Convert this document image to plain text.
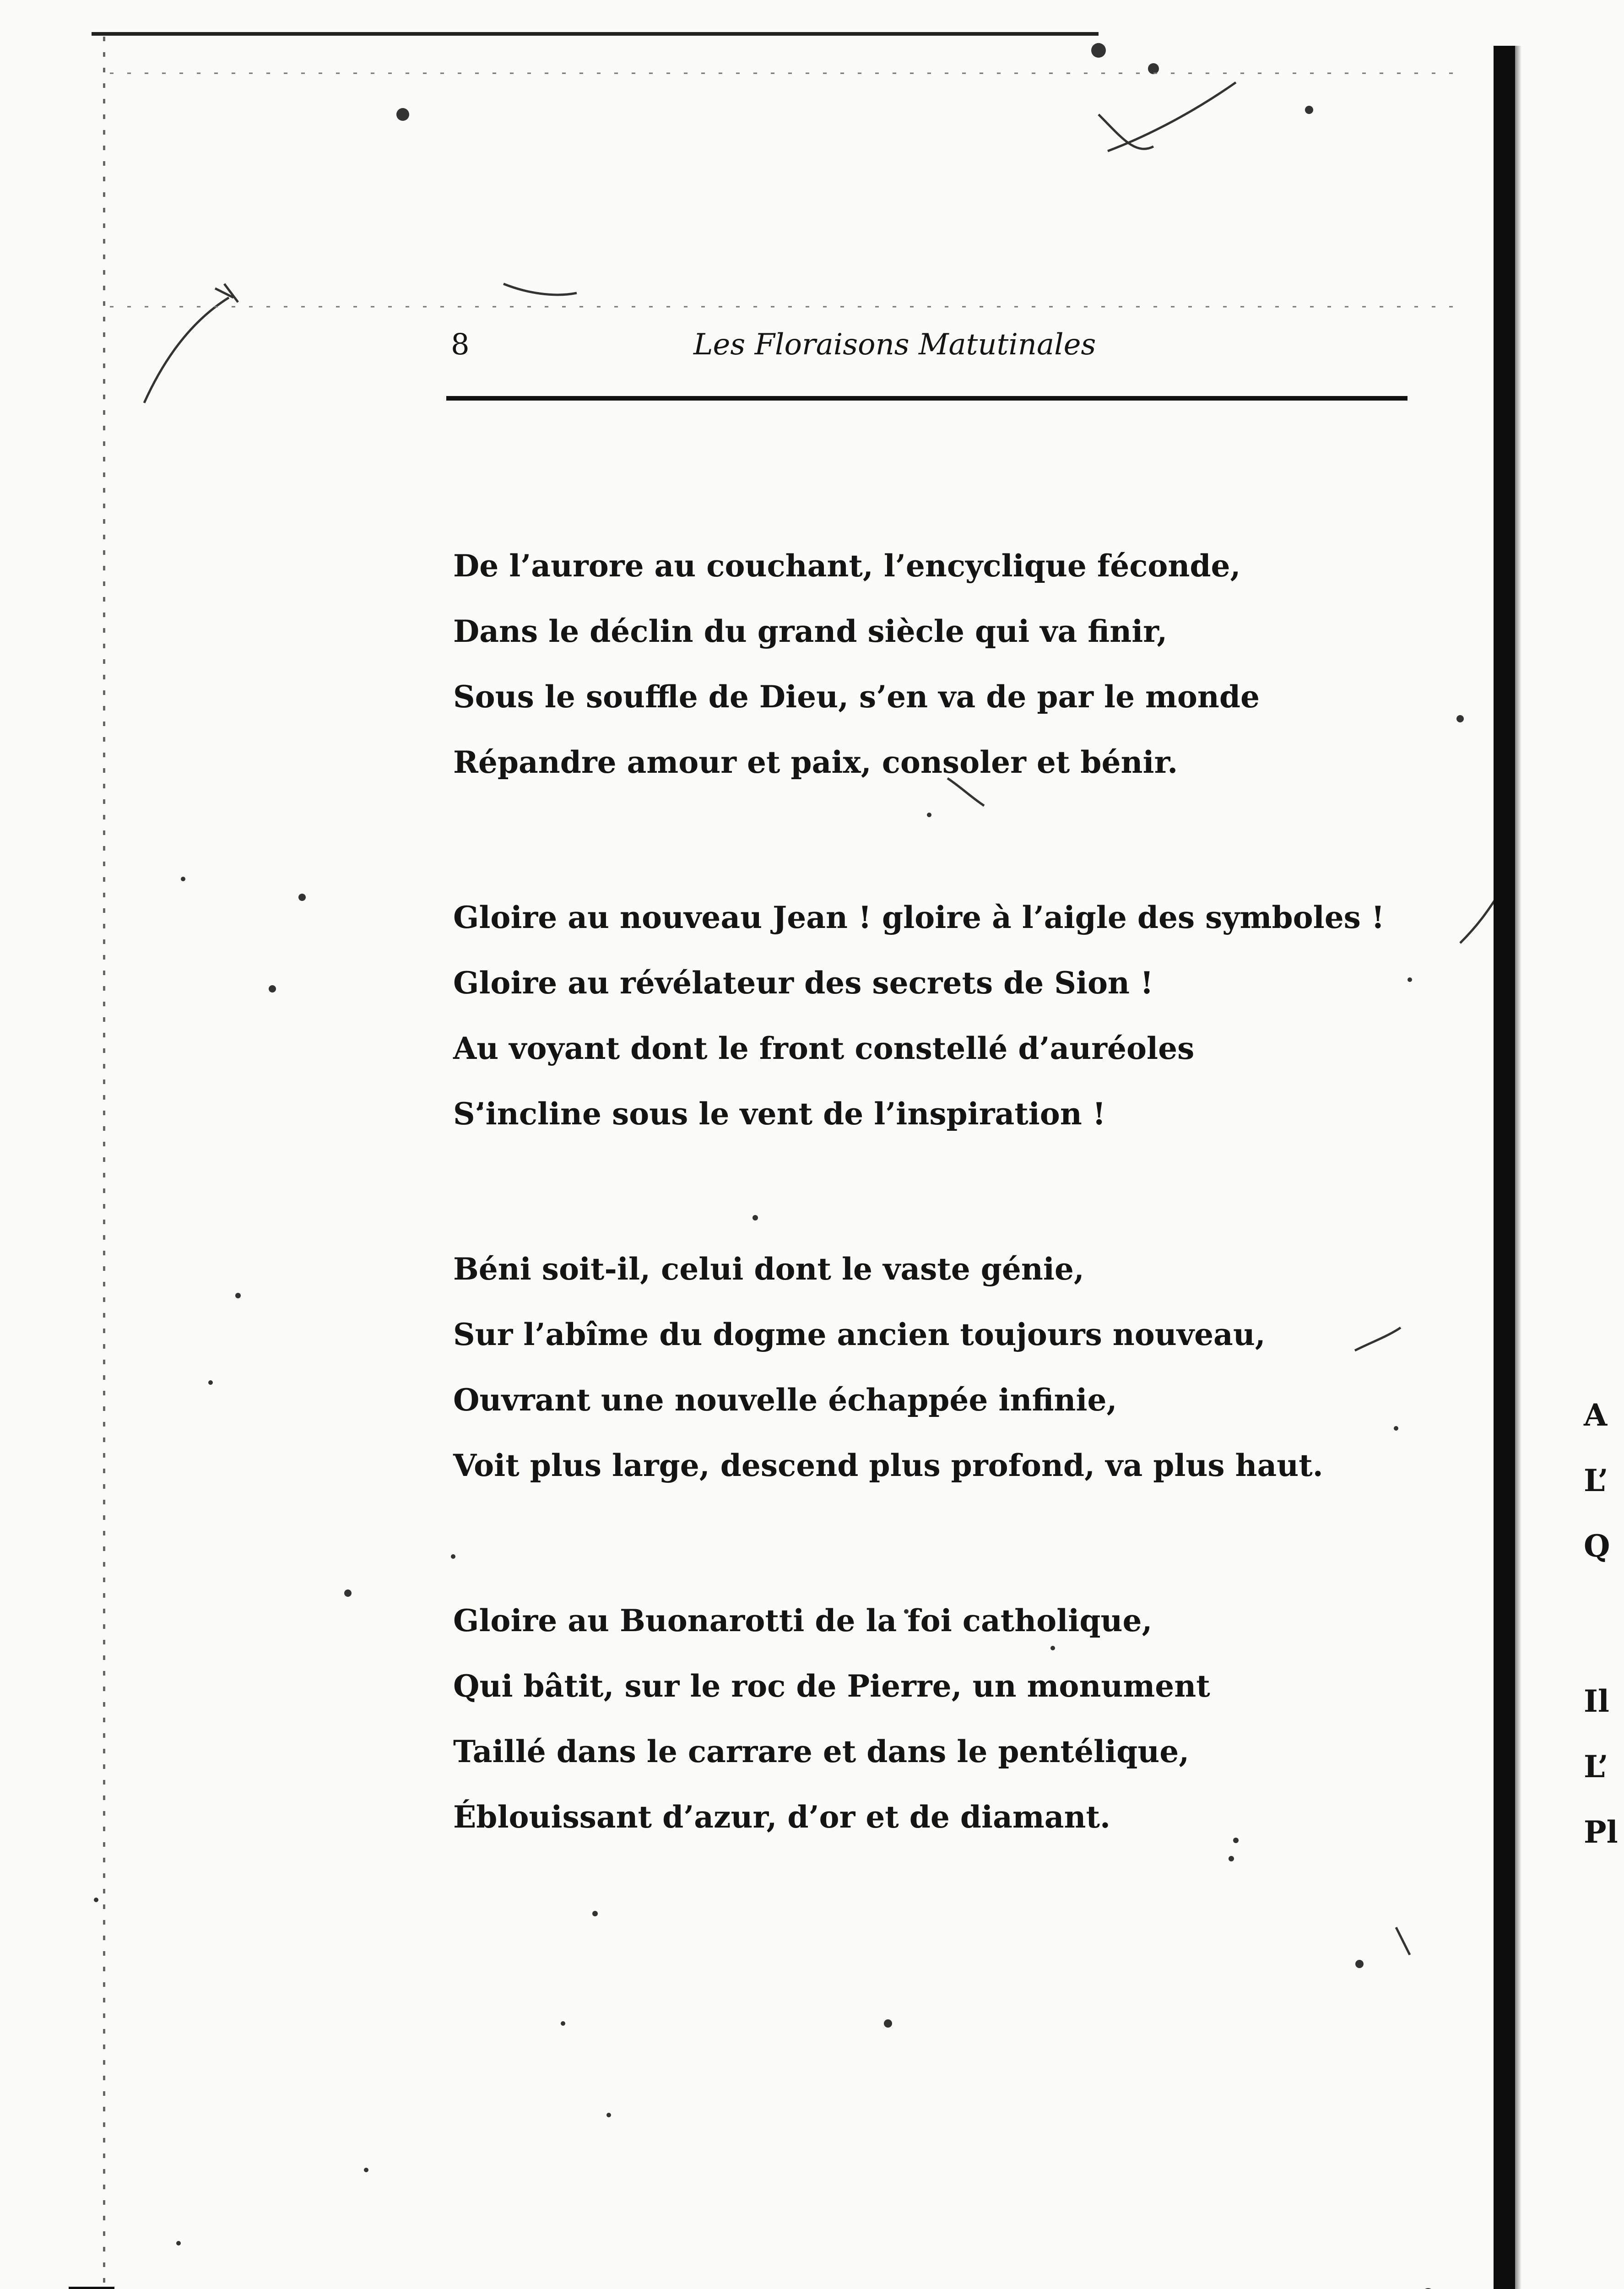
8	Les Floraisons Matutinales
De l’aurore au couchant, l’encyclique féconde,
Dans le déclin du grand siècle qui va finir,
Sous le souffle de Dieu, s’en va de par le monde
Répandre amour et paix, consoler et bénir.
Gloire au nouveau Jean ! gloire à l’aigle des symboles !
Gloire au révélateur des secrets de Sion !
Au voyant dont le front constellé d’auréoles
S’incline sous le vent de l’inspiration !
Béni soit-il, celui dont le vaste génie,
Sur l’abîme du dogme ancien toujours nouveau,
Ouvrant une nouvelle échappée infinie,
Voit plus large, descend plus profond, va plus haut.
Gloire au Buonarotti de la foi catholique,
Qui bâtit, sur le roc de Pierre, un monument
Taillé dans le carrare et dans le pentélique,
Éblouissant d’azur, d’or et de diamant.
A
L’
Q
Il
L’
Pl
